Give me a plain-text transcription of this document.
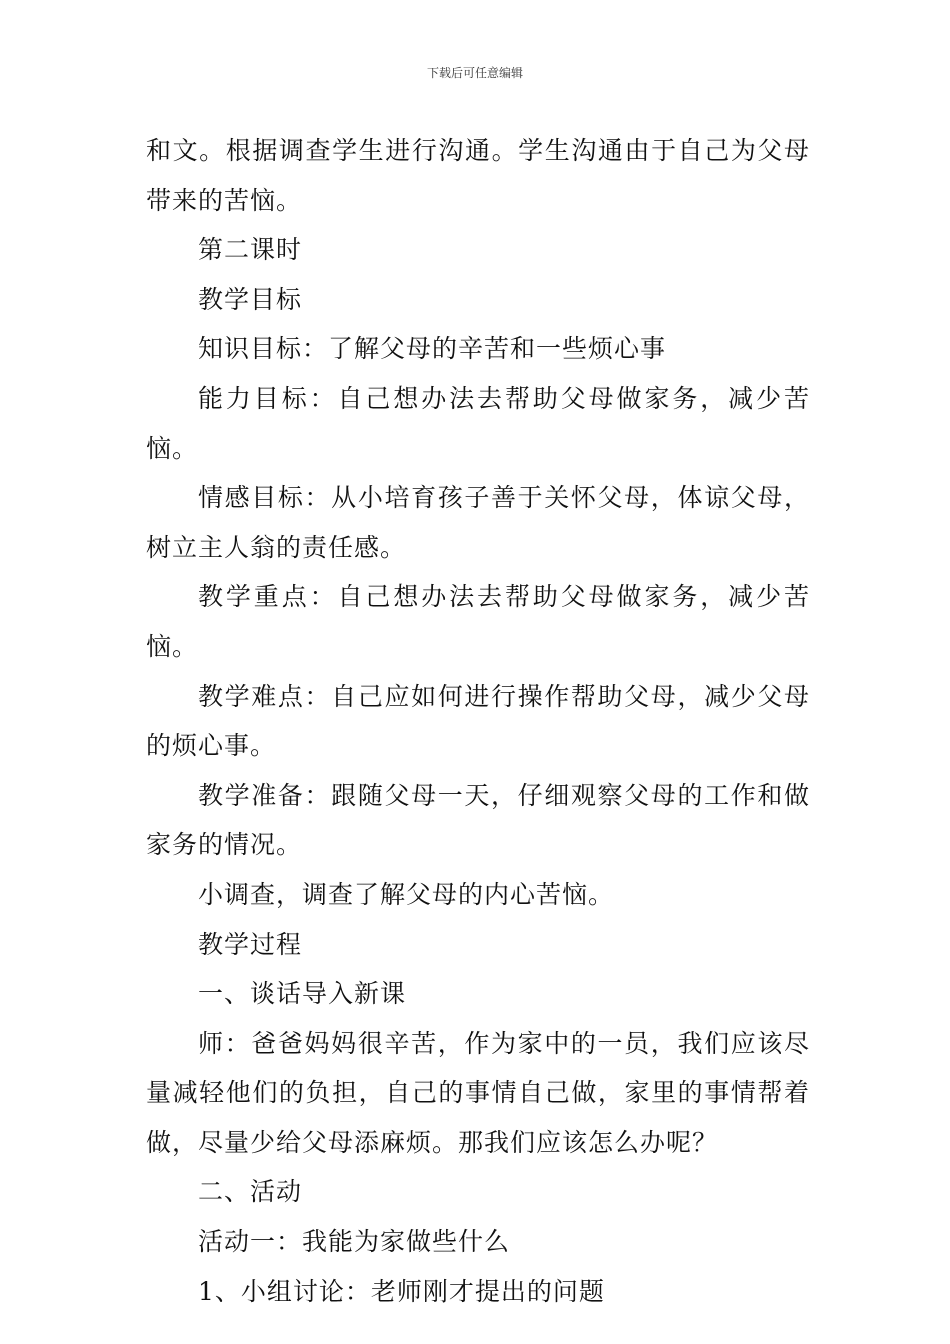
下载后可任意编辑

和文。根据调查学生进行沟通。学生沟通由于自己为父母带来的苦恼。

第二课时

教学目标

知识目标：了解父母的辛苦和一些烦心事

能力目标：自己想办法去帮助父母做家务，减少苦恼。

情感目标：从小培育孩子善于关怀父母，体谅父母，树立主人翁的责任感。

教学重点：自己想办法去帮助父母做家务，减少苦恼。

教学难点：自己应如何进行操作帮助父母，减少父母的烦心事。

教学准备：跟随父母一天，仔细观察父母的工作和做家务的情况。

小调查，调查了解父母的内心苦恼。

教学过程

一、谈话导入新课

师：爸爸妈妈很辛苦，作为家中的一员，我们应该尽量减轻他们的负担，自己的事情自己做，家里的事情帮着做，尽量少给父母添麻烦。那我们应该怎么办呢？

二、活动

活动一：我能为家做些什么

1、小组讨论：老师刚才提出的问题
